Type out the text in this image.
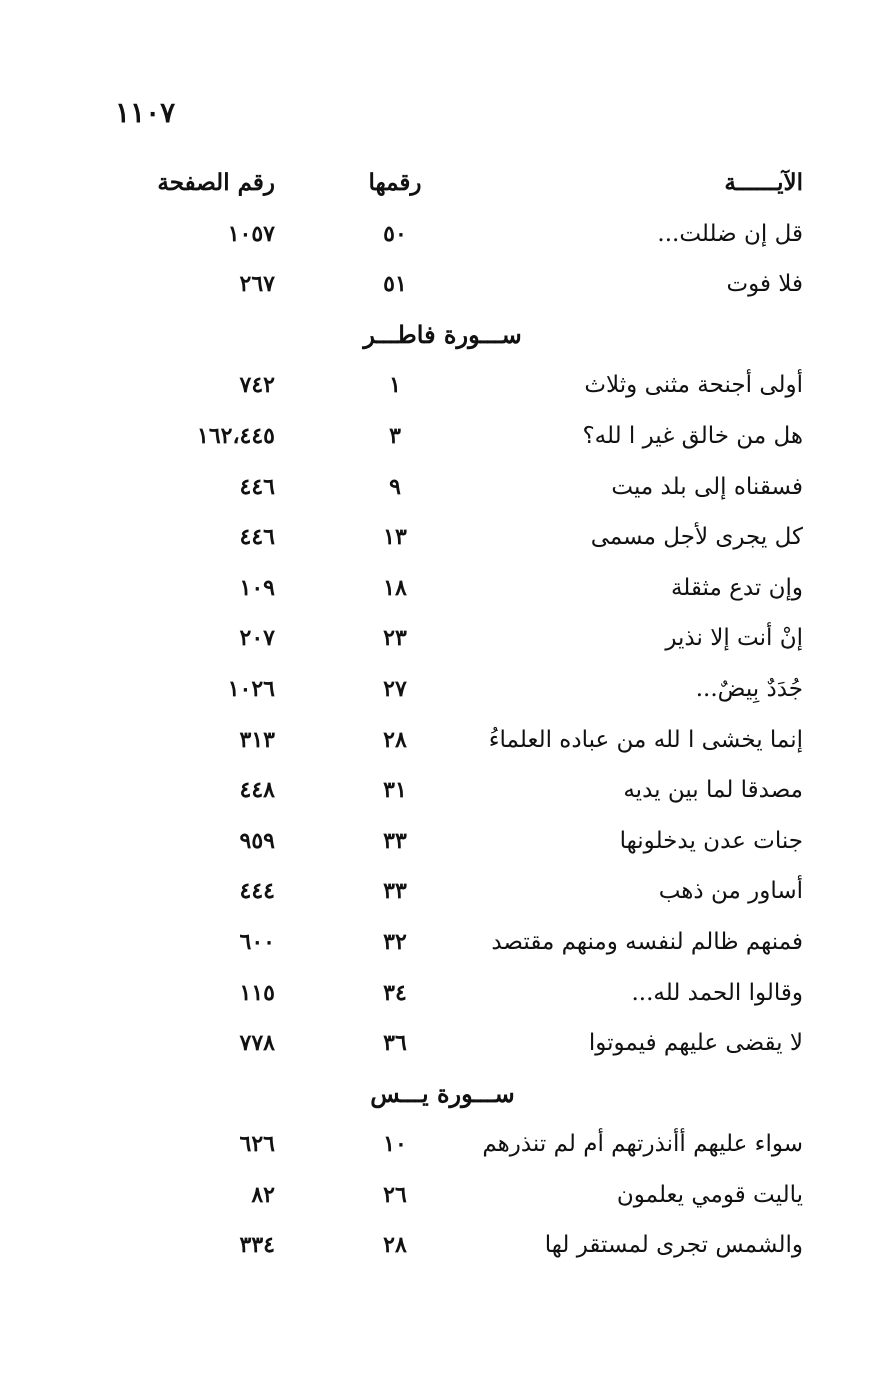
١١٠٧
الآيــــــة
رقمها
رقم الصفحة
قل إن ضللت...
٥٠
١٠٥٧
فلا فوت
٥١
٢٦٧
ســـورة فاطـــر
أولى أجنحة مثنى وثلاث
١
٧٤٢
هل من خالق غير ا لله؟
٣
١٦٢،٤٤٥
فسقناه إلى بلد ميت
٩
٤٤٦
كل يجرى لأجل مسمى
١٣
٤٤٦
وإن تدع مثقلة
١٨
١٠٩
إنْ أنت إلا نذير
٢٣
٢٠٧
جُدَدٌ بِيضٌ...
٢٧
١٠٢٦
إنما يخشى ا لله من عباده العلماءُ
٢٨
٣١٣
مصدقا لما بين يديه
٣١
٤٤٨
جنات عدن يدخلونها
٣٣
٩٥٩
أساور من ذهب
٣٣
٤٤٤
فمنهم ظالم لنفسه ومنهم مقتصد
٣٢
٦٠٠
وقالوا الحمد لله...
٣٤
١١٥
لا يقضى عليهم فيموتوا
٣٦
٧٧٨
ســـورة يـــس
سواء عليهم أأنذرتهم أم لم تنذرهم
١٠
٦٢٦
ياليت قومي يعلمون
٢٦
٨٢
والشمس تجرى لمستقر لها
٢٨
٣٣٤
